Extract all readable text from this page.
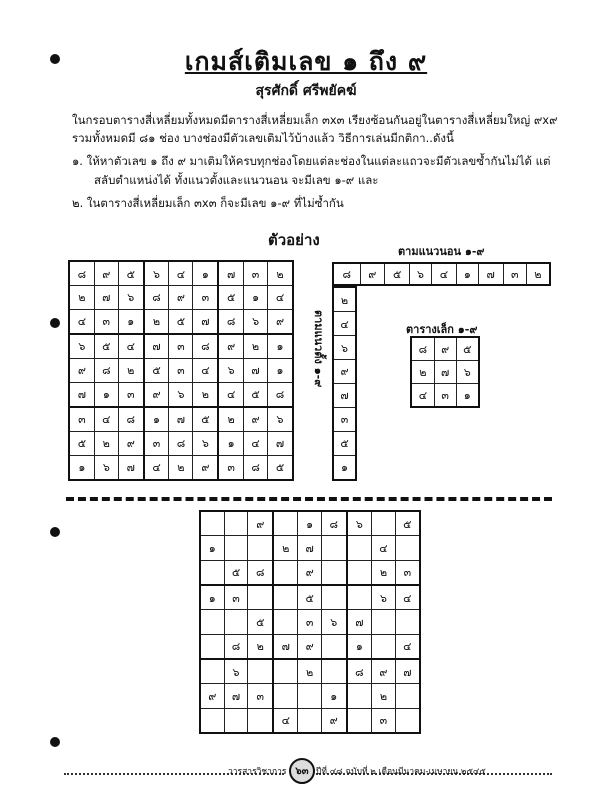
เกมส์เติมเลข ๑ ถึง ๙
สุรศักดิ์ ศรีพยัคฆ์
ในกรอบตารางสี่เหลี่ยมทั้งหมดมีตารางสี่เหลี่ยมเล็ก ๓x๓ เรียงซ้อนกันอยู่ในตารางสี่เหลี่ยมใหญ่ ๙x๙
รวมทั้งหมดมี ๘๑ ช่อง บางช่องมีตัวเลขเติมไว้บ้างแล้ว วิธีการเล่นมีกติกา..ดังนี้
๑. ให้หาตัวเลข ๑ ถึง ๙ มาเติมให้ครบทุกช่องโดยแต่ละช่องในแต่ละแถวจะมีตัวเลขซ้ำกันไม่ได้ แต่
สลับตำแหน่งได้ ทั้งแนวตั้งและแนวนอน จะมีเลข ๑-๙ และ
๒. ในตารางสี่เหลี่ยมเล็ก ๓x๓ ก็จะมีเลข ๑-๙ ที่ไม่ซ้ำกัน
ตัวอย่าง
๘	๙	๕	๖	๔	๑	๗	๓	๒
๒	๗	๖	๘	๙	๓	๕	๑	๔
๔	๓	๑	๒	๕	๗	๘	๖	๙
๖	๕	๔	๗	๓	๘	๙	๒	๑
๙	๘	๒	๕	๓	๔	๖	๗	๑
๗	๑	๓	๙	๖	๒	๔	๕	๘
๓	๔	๘	๑	๗	๕	๒	๙	๖
๕	๒	๙	๓	๘	๖	๑	๔	๗
๑	๖	๗	๔	๒	๙	๓	๘	๕
ตามแนวนอน ๑-๙
๘	๙	๕	๖	๔	๑	๗	๓	๒
ตามแนวตั้ง ๑-๙
๒
๔
๖
๙
๗
๓
๕
๑
ตารางเล็ก ๑-๙
๘	๙	๕
๒	๗	๖
๔	๓	๑
		๙		๑	๘	๖		๕
๑			๒	๗			๔	
	๕	๘		๙			๒	๓
๑	๓			๕			๖	๔
		๕		๓	๖	๗		
	๘	๒	๗	๙		๑		๔
	๖			๒		๘	๙	๗
๙	๗	๓			๑		๒	
			๔		๙		๓	
วารสารวิชาการ ๖๓ ปีที่ ๔๘ ฉบับที่ ๒ เดือนมีนาคม-เมษายน ๒๕๔๕
